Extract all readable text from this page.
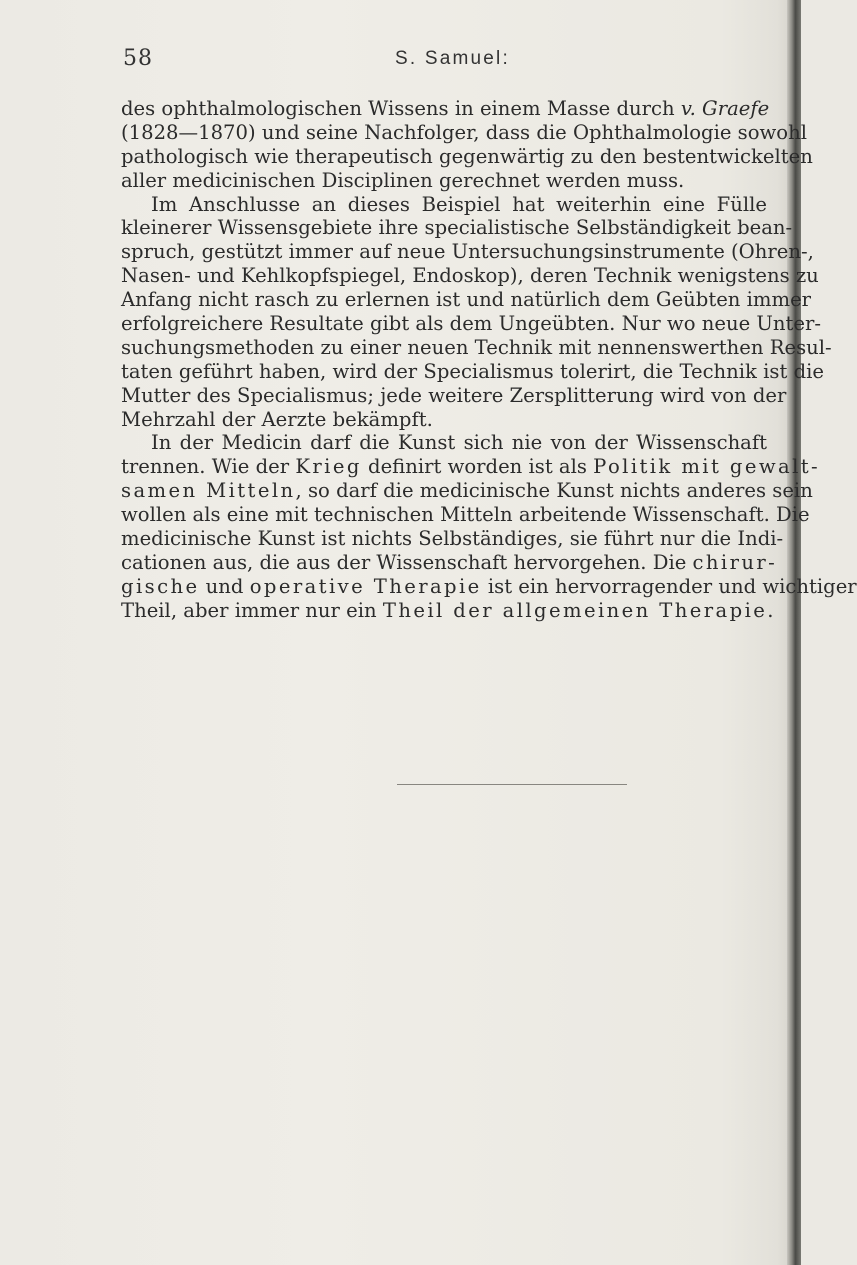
58	S. Samuel:
des ophthalmologischen Wissens in einem Masse durch v. Graefe
(1828—1870) und seine Nachfolger, dass die Ophthalmologie sowohl
pathologisch wie therapeutisch gegenwärtig zu den bestentwickelten
aller medicinischen Disciplinen gerechnet werden muss.
Im Anschlusse an dieses Beispiel hat weiterhin eine Fülle
kleinerer Wissensgebiete ihre specialistische Selbständigkeit bean-
spruch, gestützt immer auf neue Untersuchungsinstrumente (Ohren-,
Nasen- und Kehlkopfspiegel, Endoskop), deren Technik wenigstens zu
Anfang nicht rasch zu erlernen ist und natürlich dem Geübten immer
erfolgreichere Resultate gibt als dem Ungeübten. Nur wo neue Unter-
suchungsmethoden zu einer neuen Technik mit nennenswerthen Resul-
taten geführt haben, wird der Specialismus tolerirt, die Technik ist die
Mutter des Specialismus; jede weitere Zersplitterung wird von der
Mehrzahl der Aerzte bekämpft.
In der Medicin darf die Kunst sich nie von der Wissenschaft
trennen. Wie der Krieg definirt worden ist als Politik mit gewalt-
samen Mitteln, so darf die medicinische Kunst nichts anderes sein
wollen als eine mit technischen Mitteln arbeitende Wissenschaft. Die
medicinische Kunst ist nichts Selbständiges, sie führt nur die Indi-
cationen aus, die aus der Wissenschaft hervorgehen. Die chirur-
gische und operative Therapie ist ein hervorragender und wichtiger
Theil, aber immer nur ein Theil der allgemeinen Therapie.
